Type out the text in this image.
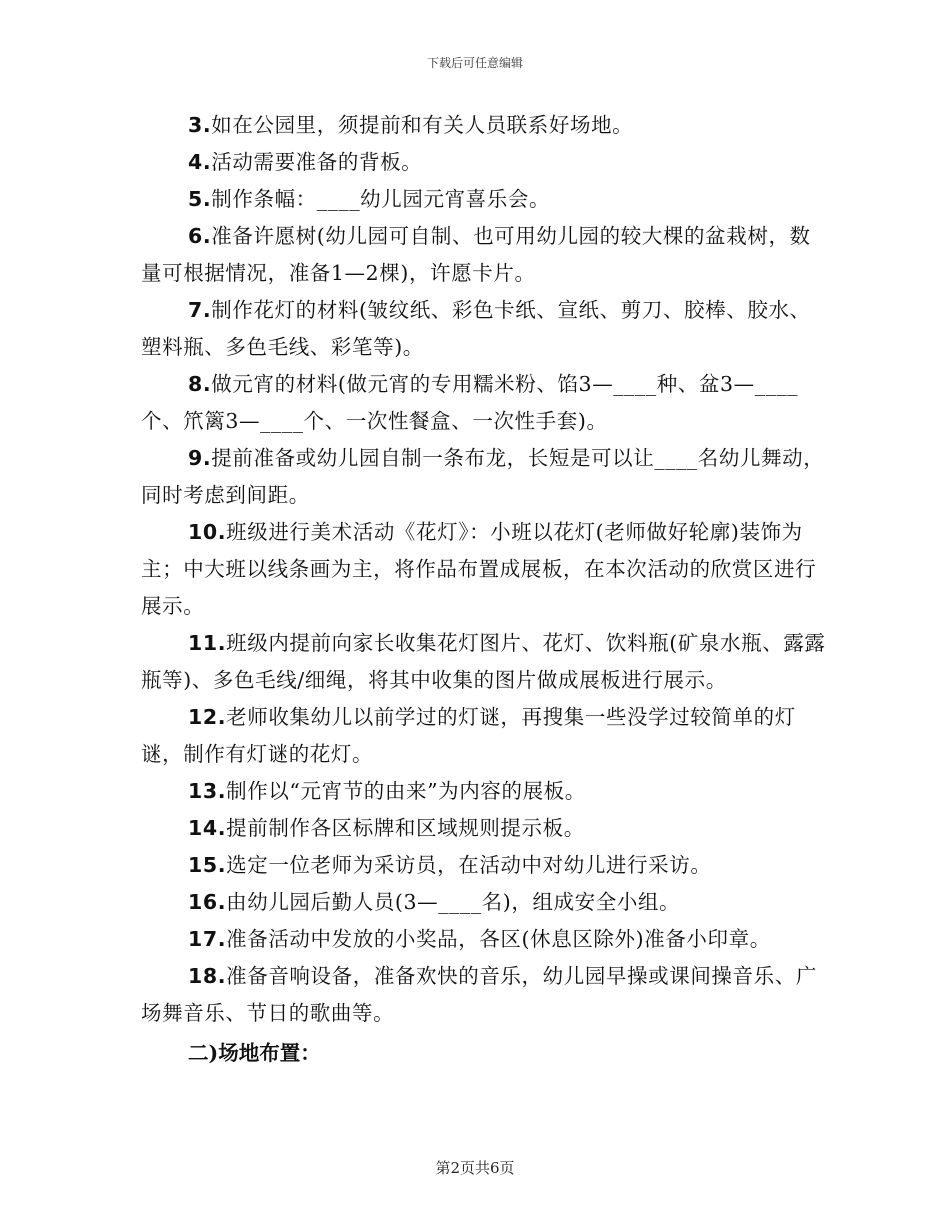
下载后可任意编辑

3.如在公园里，须提前和有关人员联系好场地。

4.活动需要准备的背板。

5.制作条幅：____幼儿园元宵喜乐会。

6.准备许愿树(幼儿园可自制、也可用幼儿园的较大棵的盆栽树，数量可根据情况，准备1—2棵)，许愿卡片。

7.制作花灯的材料(皱纹纸、彩色卡纸、宣纸、剪刀、胶棒、胶水、塑料瓶、多色毛线、彩笔等)。

8.做元宵的材料(做元宵的专用糯米粉、馅3—____种、盆3—____个、笊篱3—____个、一次性餐盒、一次性手套)。

9.提前准备或幼儿园自制一条布龙，长短是可以让____名幼儿舞动，同时考虑到间距。

10.班级进行美术活动《花灯》：小班以花灯(老师做好轮廓)装饰为主；中大班以线条画为主，将作品布置成展板，在本次活动的欣赏区进行展示。

11.班级内提前向家长收集花灯图片、花灯、饮料瓶(矿泉水瓶、露露瓶等)、多色毛线/细绳，将其中收集的图片做成展板进行展示。

12.老师收集幼儿以前学过的灯谜，再搜集一些没学过较简单的灯谜，制作有灯谜的花灯。

13.制作以“元宵节的由来”为内容的展板。

14.提前制作各区标牌和区域规则提示板。

15.选定一位老师为采访员，在活动中对幼儿进行采访。

16.由幼儿园后勤人员(3—____名)，组成安全小组。

17.准备活动中发放的小奖品，各区(休息区除外)准备小印章。

18.准备音响设备，准备欢快的音乐，幼儿园早操或课间操音乐、广场舞音乐、节日的歌曲等。

二)场地布置：

第2页共6页
